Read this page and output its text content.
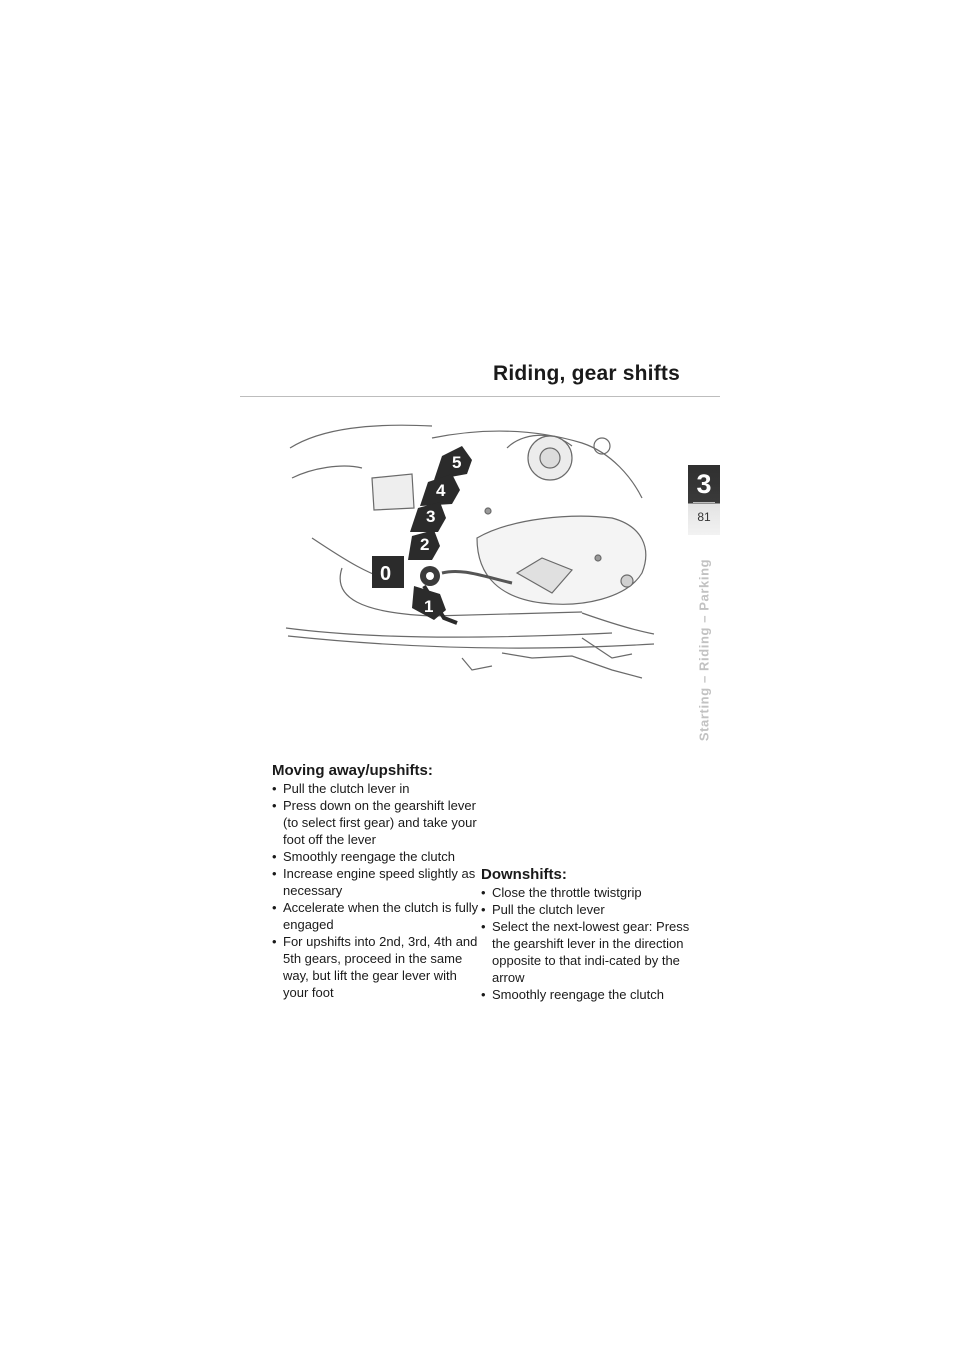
Riding, gear shifts
5
4
3
2
0
1
3
81
Starting – Riding – Parking
Moving away/upshifts:
• Pull the clutch lever in
• Press down on the gearshift lever (to select first gear) and take your foot off the lever
• Smoothly reengage the clutch
• Increase engine speed slightly as necessary
• Accelerate when the clutch is fully engaged
• For upshifts into 2nd, 3rd, 4th and 5th gears, proceed in the same way, but lift the gear lever with your foot
Downshifts:
• Close the throttle twistgrip
• Pull the clutch lever
• Select the next-lowest gear: Press the gearshift lever in the direction opposite to that indi-cated by the arrow
• Smoothly reengage the clutch
